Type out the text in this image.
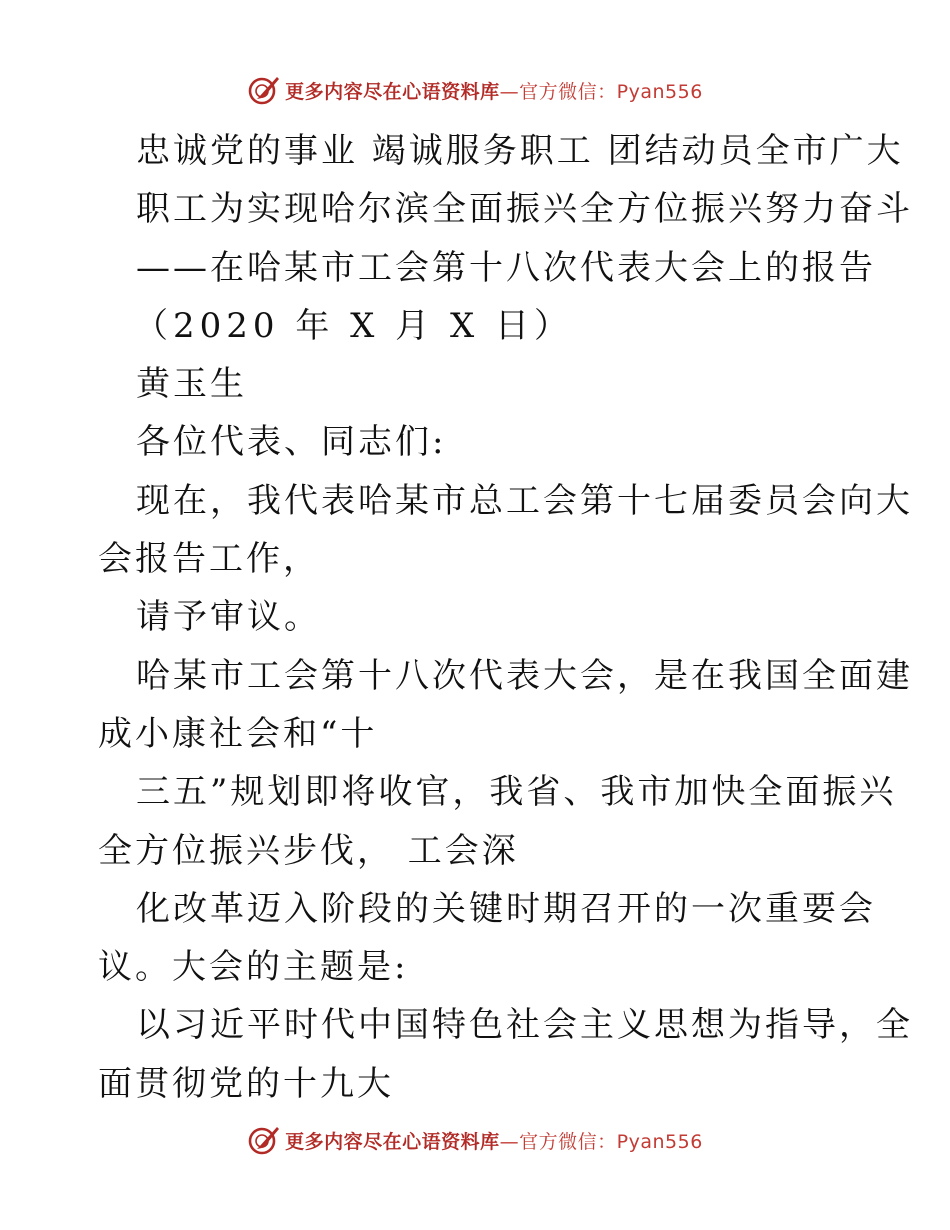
更多内容尽在心语资料库—官方微信：Pyan556
忠诚党的事业 竭诚服务职工 团结动员全市广大
职工为实现哈尔滨全面振兴全方位振兴努力奋斗
——在哈某市工会第十八次代表大会上的报告
（2020 年 X 月 X 日）
黄玉生
各位代表、同志们:
现在，我代表哈某市总工会第十七届委员会向大
会报告工作，
请予审议。
哈某市工会第十八次代表大会，是在我国全面建
成小康社会和“十
三五”规划即将收官，我省、我市加快全面振兴
全方位振兴步伐， 工会深
化改革迈入阶段的关键时期召开的一次重要会
议。大会的主题是:
以习近平时代中国特色社会主义思想为指导，全
面贯彻党的十九大
更多内容尽在心语资料库—官方微信：Pyan556
